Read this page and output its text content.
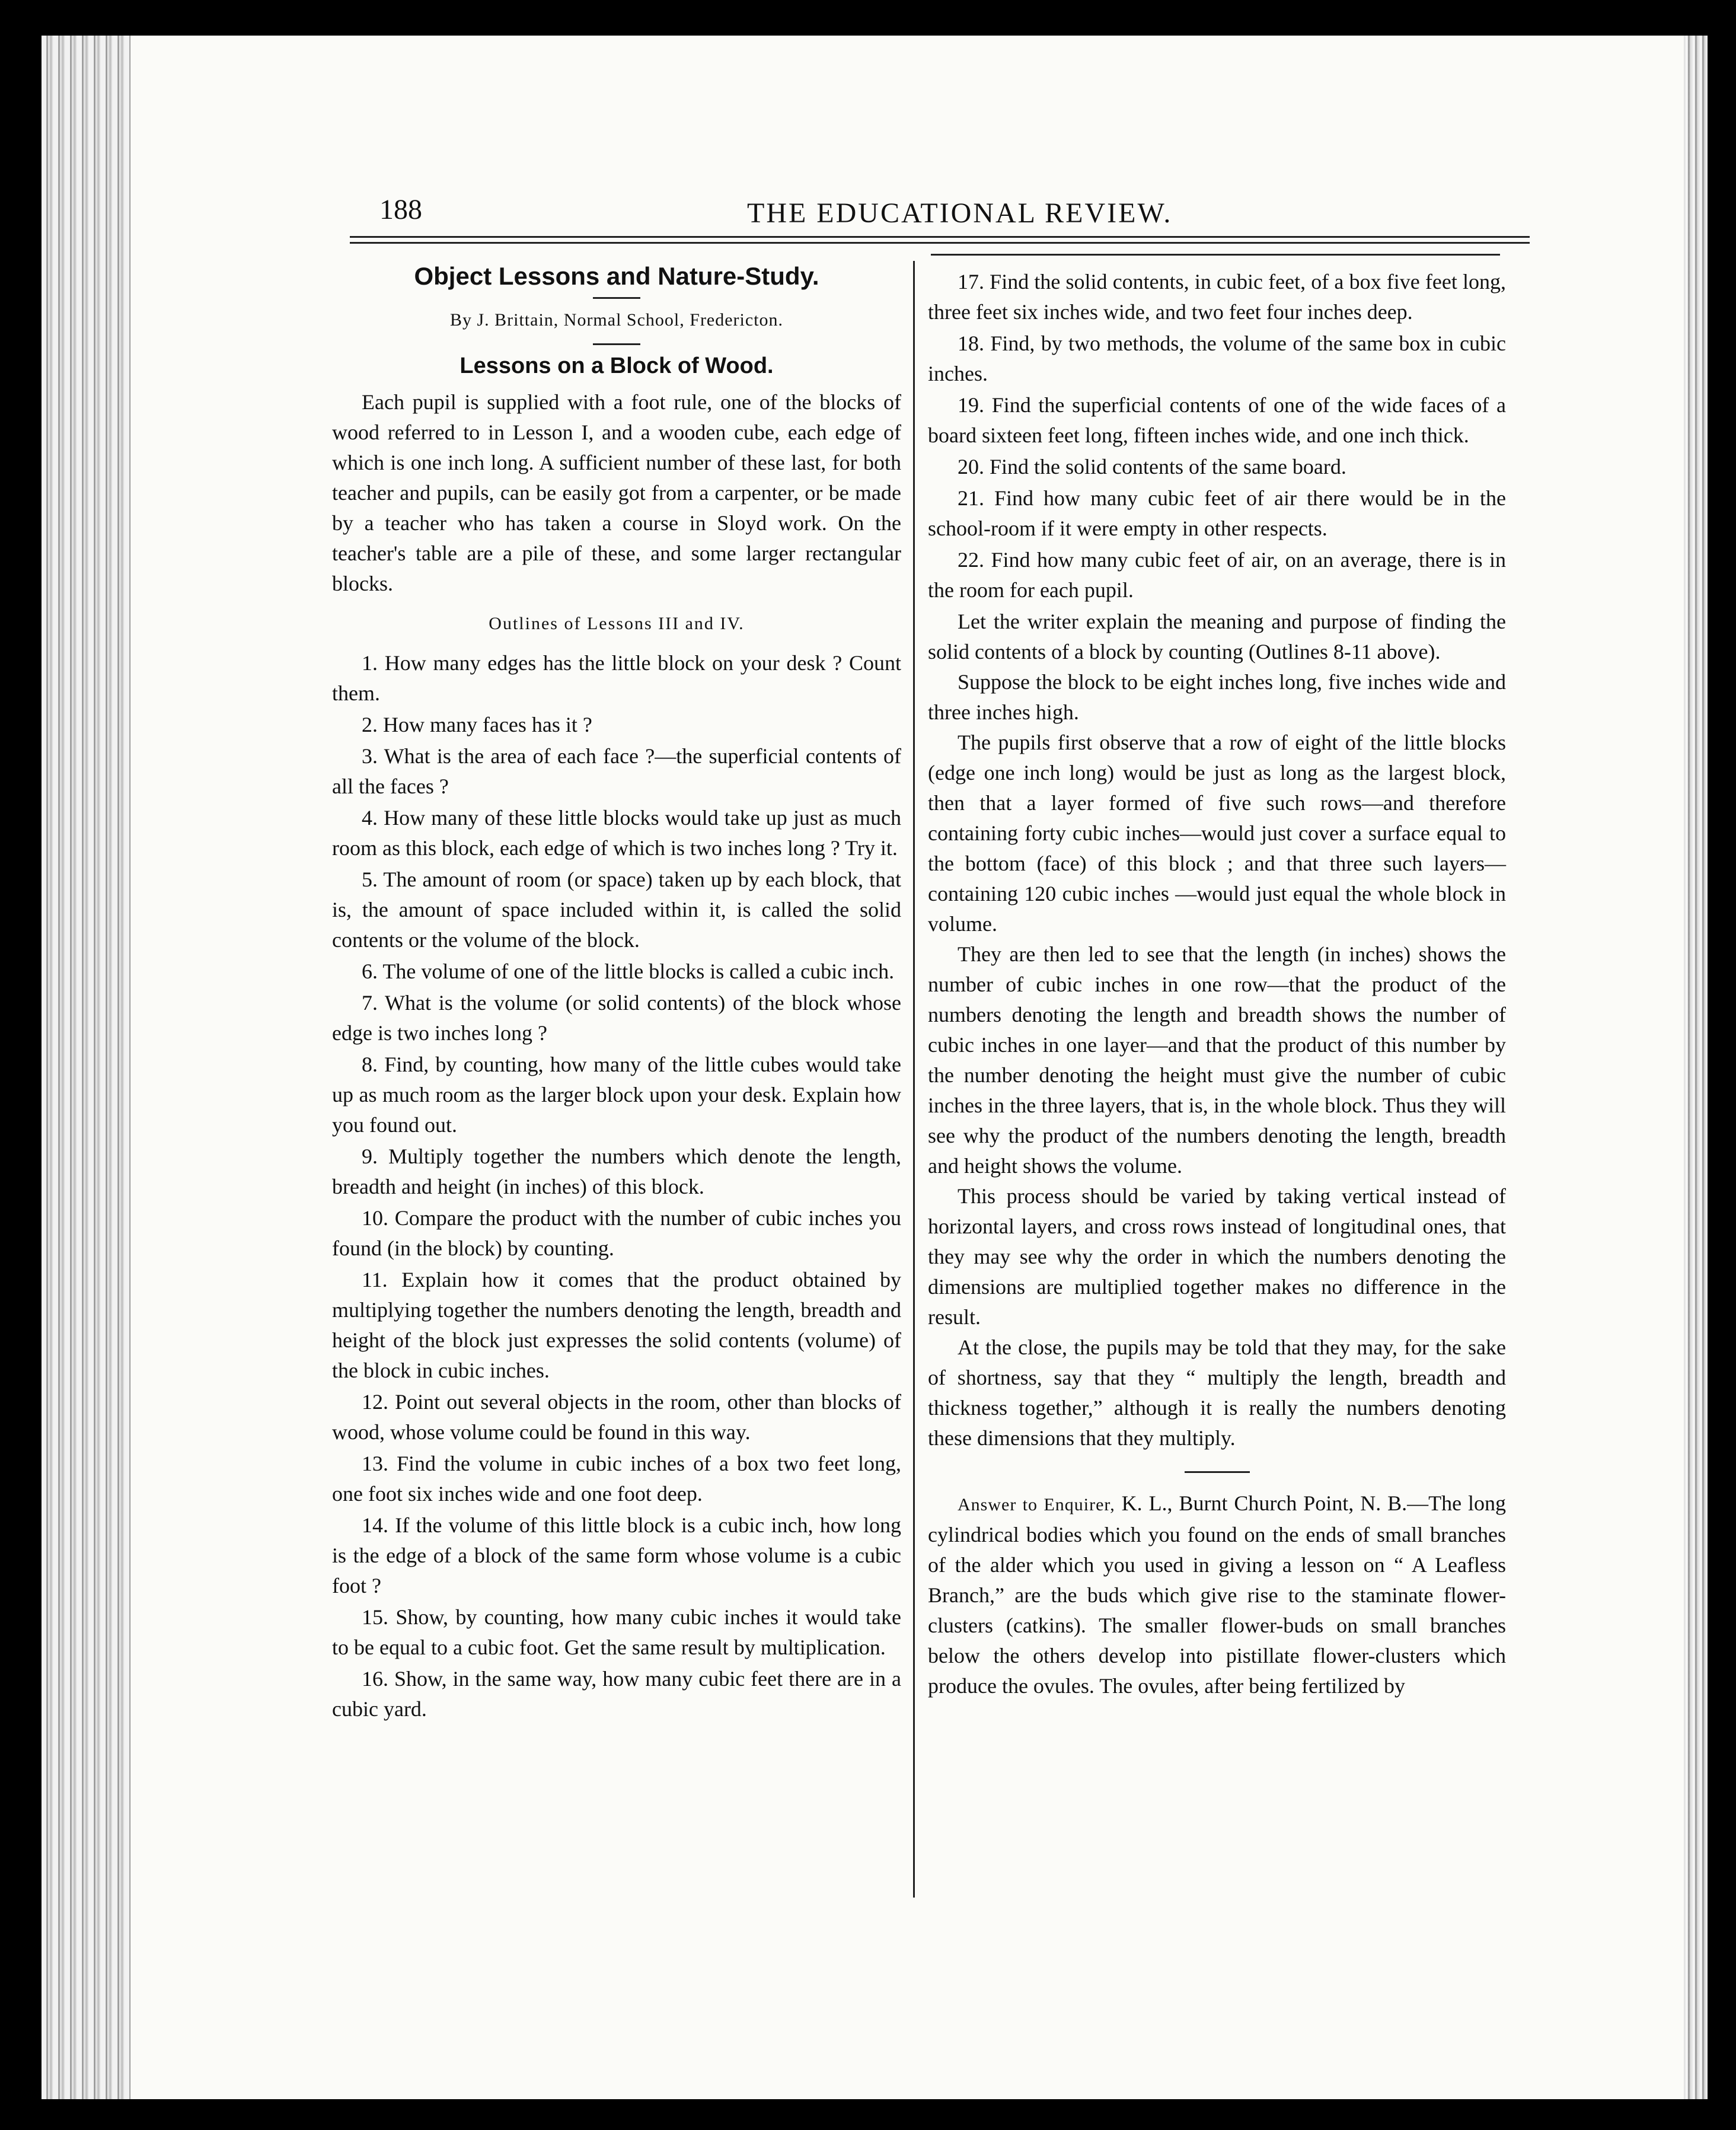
188	THE EDUCATIONAL REVIEW.

Object Lessons and Nature-Study.

By J. Brittain, Normal School, Fredericton.

Lessons on a Block of Wood.

Each pupil is supplied with a foot rule, one of the blocks of wood referred to in Lesson I, and a wooden cube, each edge of which is one inch long. A sufficient number of these last, for both teacher and pupils, can be easily got from a carpenter, or be made by a teacher who has taken a course in Sloyd work. On the teacher's table are a pile of these, and some larger rectangular blocks.

Outlines of Lessons III and IV.

1. How many edges has the little block on your desk ? Count them.

2. How many faces has it ?

3. What is the area of each face ?—the superficial contents of all the faces ?

4. How many of these little blocks would take up just as much room as this block, each edge of which is two inches long ? Try it.

5. The amount of room (or space) taken up by each block, that is, the amount of space included within it, is called the solid contents or the volume of the block.

6. The volume of one of the little blocks is called a cubic inch.

7. What is the volume (or solid contents) of the block whose edge is two inches long ?

8. Find, by counting, how many of the little cubes would take up as much room as the larger block upon your desk. Explain how you found out.

9. Multiply together the numbers which denote the length, breadth and height (in inches) of this block.

10. Compare the product with the number of cubic inches you found (in the block) by counting.

11. Explain how it comes that the product obtained by multiplying together the numbers denoting the length, breadth and height of the block just expresses the solid contents (volume) of the block in cubic inches.

12. Point out several objects in the room, other than blocks of wood, whose volume could be found in this way.

13. Find the volume in cubic inches of a box two feet long, one foot six inches wide and one foot deep.

14. If the volume of this little block is a cubic inch, how long is the edge of a block of the same form whose volume is a cubic foot ?

15. Show, by counting, how many cubic inches it would take to be equal to a cubic foot. Get the same result by multiplication.

16. Show, in the same way, how many cubic feet there are in a cubic yard.

17. Find the solid contents, in cubic feet, of a box five feet long, three feet six inches wide, and two feet four inches deep.

18. Find, by two methods, the volume of the same box in cubic inches.

19. Find the superficial contents of one of the wide faces of a board sixteen feet long, fifteen inches wide, and one inch thick.

20. Find the solid contents of the same board.

21. Find how many cubic feet of air there would be in the school-room if it were empty in other respects.

22. Find how many cubic feet of air, on an average, there is in the room for each pupil.

Let the writer explain the meaning and purpose of finding the solid contents of a block by counting (Outlines 8-11 above).

Suppose the block to be eight inches long, five inches wide and three inches high.

The pupils first observe that a row of eight of the little blocks (edge one inch long) would be just as long as the largest block, then that a layer formed of five such rows—and therefore containing forty cubic inches—would just cover a surface equal to the bottom (face) of this block ; and that three such layers—containing 120 cubic inches —would just equal the whole block in volume.

They are then led to see that the length (in inches) shows the number of cubic inches in one row—that the product of the numbers denoting the length and breadth shows the number of cubic inches in one layer—and that the product of this number by the number denoting the height must give the number of cubic inches in the three layers, that is, in the whole block. Thus they will see why the product of the numbers denoting the length, breadth and height shows the volume.

This process should be varied by taking vertical instead of horizontal layers, and cross rows instead of longitudinal ones, that they may see why the order in which the numbers denoting the dimensions are multiplied together makes no difference in the result.

At the close, the pupils may be told that they may, for the sake of shortness, say that they “ multiply the length, breadth and thickness together,” although it is really the numbers denoting these dimensions that they multiply.

Answer to Enquirer, K. L., Burnt Church Point, N. B.—The long cylindrical bodies which you found on the ends of small branches of the alder which you used in giving a lesson on “ A Leafless Branch,” are the buds which give rise to the staminate flower-clusters (catkins). The smaller flower-buds on small branches below the others develop into pistillate flower-clusters which produce the ovules. The ovules, after being fertilized by
